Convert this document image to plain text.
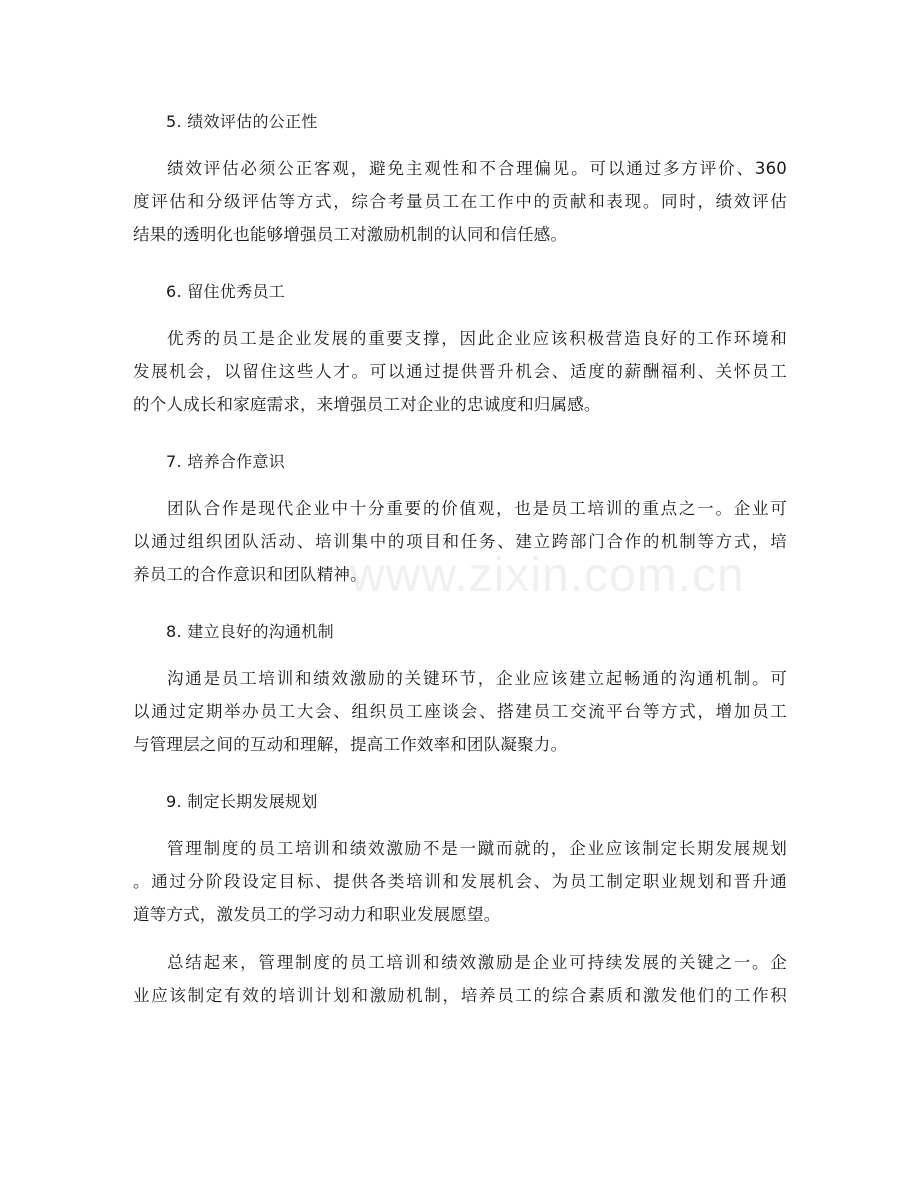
www.zixin.com.cn
5. 绩效评估的公正性
绩效评估必须公正客观，避免主观性和不合理偏见。可以通过多方评价、360
度评估和分级评估等方式，综合考量员工在工作中的贡献和表现。同时，绩效评估
结果的透明化也能够增强员工对激励机制的认同和信任感。
6. 留住优秀员工
优秀的员工是企业发展的重要支撑，因此企业应该积极营造良好的工作环境和
发展机会，以留住这些人才。可以通过提供晋升机会、适度的薪酬福利、关怀员工
的个人成长和家庭需求，来增强员工对企业的忠诚度和归属感。
7. 培养合作意识
团队合作是现代企业中十分重要的价值观，也是员工培训的重点之一。企业可
以通过组织团队活动、培训集中的项目和任务、建立跨部门合作的机制等方式，培
养员工的合作意识和团队精神。
8. 建立良好的沟通机制
沟通是员工培训和绩效激励的关键环节，企业应该建立起畅通的沟通机制。可
以通过定期举办员工大会、组织员工座谈会、搭建员工交流平台等方式，增加员工
与管理层之间的互动和理解，提高工作效率和团队凝聚力。
9. 制定长期发展规划
管理制度的员工培训和绩效激励不是一蹴而就的，企业应该制定长期发展规划
。通过分阶段设定目标、提供各类培训和发展机会、为员工制定职业规划和晋升通
道等方式，激发员工的学习动力和职业发展愿望。
总结起来，管理制度的员工培训和绩效激励是企业可持续发展的关键之一。企
业应该制定有效的培训计划和激励机制，培养员工的综合素质和激发他们的工作积
